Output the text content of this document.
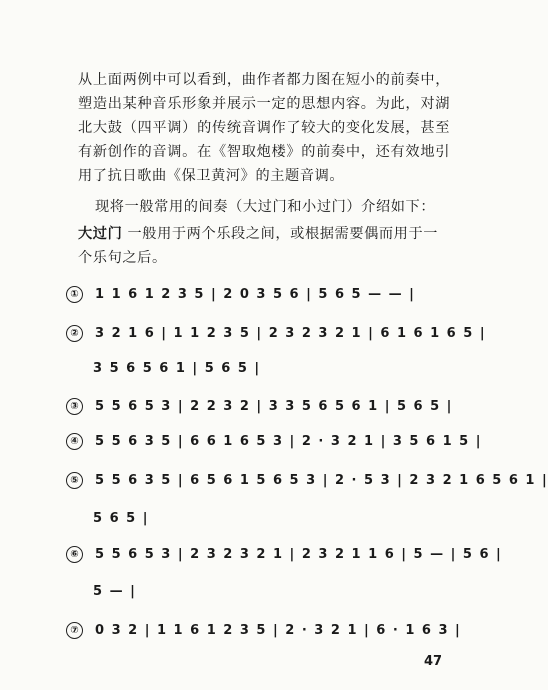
从上面两例中可以看到，曲作者都力图在短小的前奏中，塑造出某种音乐形象并展示一定的思想内容。为此，对湖北大鼓（四平调）的传统音调作了较大的变化发展，甚至有新创作的音调。在《智取炮楼》的前奏中，还有效地引用了抗日歌曲《保卫黄河》的主题音调。

现将一般常用的间奏（大过门和小过门）介绍如下：
大过门 一般用于两个乐段之间，或根据需要偶而用于一个乐句之后。
①	1 1 6 1 2 3 5 | 2 0 3 5 6 | 5 6 5 — — |
②	3 2 1 6 | 1 1 2 3 5 | 2 3 2 3 2 1 | 6 1 6 1 6 5 |
3 5 6 5 6 1 | 5 6 5 |
③	5 5 6 5 3 | 2 2 3 2 | 3 3 5 6 5 6 1 | 5 6 5 |
④	5 5 6 3 5 | 6 6 1 6 5 3 | 2 · 3 2 1 | 3 5 6 1 5 |
⑤	5 5 6 3 5 | 6 5 6 1 5 6 5 3 | 2 · 5 3 | 2 3 2 1 6 5 6 1 |
5 6 5 |
⑥	5 5 6 5 3 | 2 3 2 3 2 1 | 2 3 2 1 1 6 | 5 — | 5 6 |
5 — |
⑦	0 3 2 | 1 1 6 1 2 3 5 | 2 · 3 2 1 | 6 · 1 6 3 |
47
